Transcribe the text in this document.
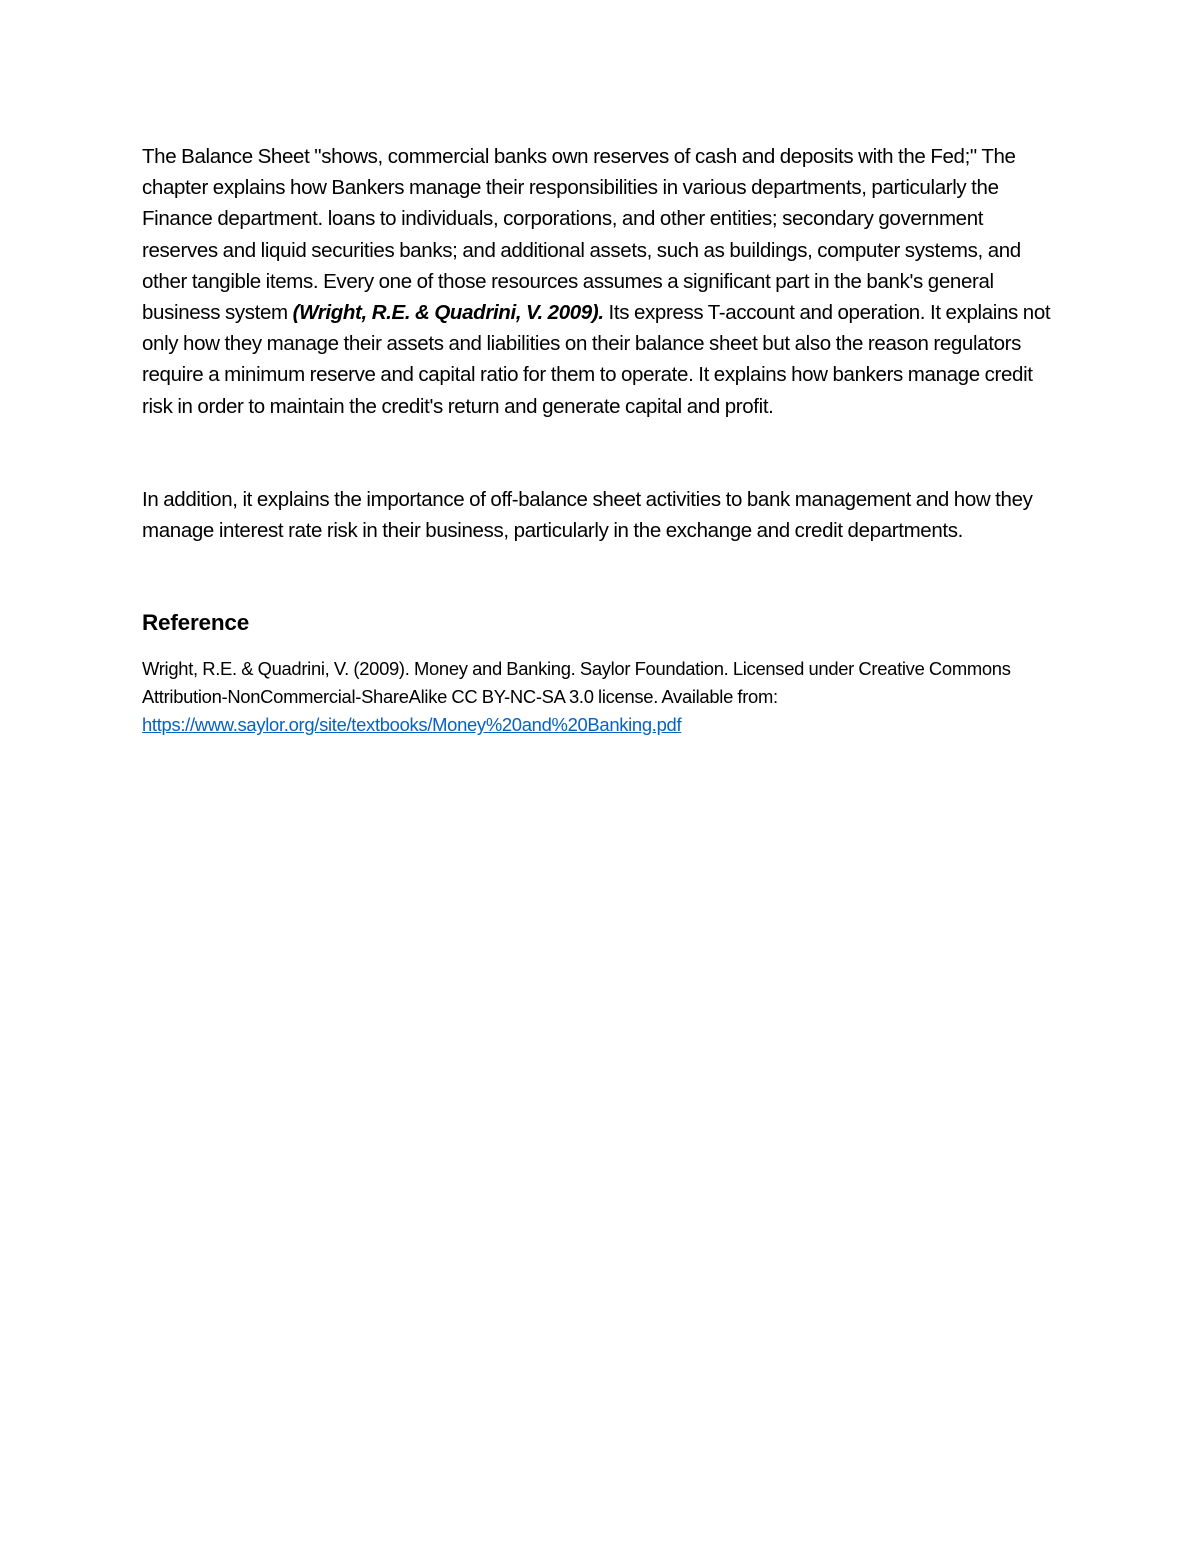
The Balance Sheet "shows, commercial banks own reserves of cash and deposits with the Fed;" The chapter explains how Bankers manage their responsibilities in various departments, particularly the Finance department. loans to individuals, corporations, and other entities; secondary government reserves and liquid securities banks; and additional assets, such as buildings, computer systems, and other tangible items. Every one of those resources assumes a significant part in the bank's general business system (Wright, R.E. & Quadrini, V. 2009). Its express T-account and operation. It explains not only how they manage their assets and liabilities on their balance sheet but also the reason regulators require a minimum reserve and capital ratio for them to operate. It explains how bankers manage credit risk in order to maintain the credit's return and generate capital and profit.

In addition, it explains the importance of off-balance sheet activities to bank management and how they manage interest rate risk in their business, particularly in the exchange and credit departments.

Reference

Wright, R.E. & Quadrini, V. (2009). Money and Banking. Saylor Foundation. Licensed under Creative Commons Attribution-NonCommercial-ShareAlike CC BY-NC-SA 3.0 license. Available from: https://www.saylor.org/site/textbooks/Money%20and%20Banking.pdf
